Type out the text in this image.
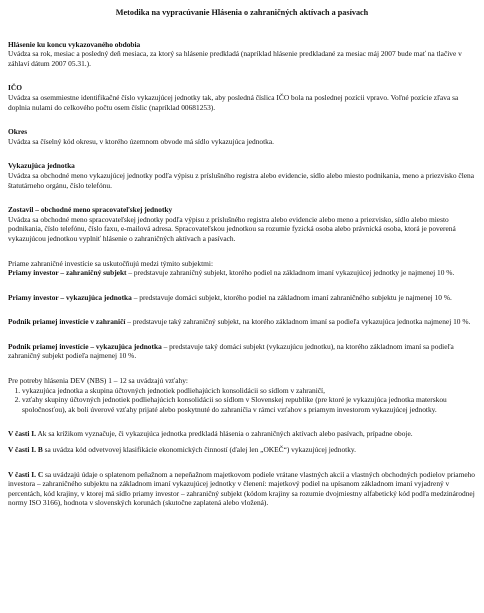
Metodika na vypracúvanie Hlásenia o zahraničných aktívach a pasívach
Hlásenie ku koncu vykazovaného obdobia

Uvádza sa rok, mesiac a posledný deň mesiaca, za ktorý sa hlásenie predkladá (napríklad hlásenie predkladané za mesiac máj 2007 bude mať na tlačive v záhlaví dátum 2007 05.31.).

IČO

Uvádza sa osemmiestne identifikačné číslo vykazujúcej jednotky tak, aby posledná číslica IČO bola na poslednej pozícii vpravo. Voľné pozície zľava sa doplnia nulami do celkového počtu osem číslic (napríklad 00681253).

Okres

Uvádza sa číselný kód okresu, v ktorého územnom obvode má sídlo vykazujúca jednotka.

Vykazujúca jednotka

Uvádza sa obchodné meno vykazujúcej jednotky podľa výpisu z príslušného registra alebo evidencie, sídlo alebo miesto podnikania, meno a priezvisko člena štatutárneho orgánu, číslo telefónu.

Zostavil – obchodné meno spracovateľskej jednotky

Uvádza sa obchodné meno spracovateľskej jednotky podľa výpisu z príslušného registra alebo evidencie alebo meno a priezvisko, sídlo alebo miesto podnikania, číslo telefónu, číslo faxu, e-mailová adresa. Spracovateľskou jednotkou sa rozumie fyzická osoba alebo právnická osoba, ktorá je poverená vykazujúcou jednotkou vyplniť hlásenie o zahraničných aktívach a pasívach.

Priame zahraničné investície sa uskutočňujú medzi týmito subjektmi:

Priamy investor – zahraničný subjekt – predstavuje zahraničný subjekt, ktorého podiel na základnom imaní vykazujúcej jednotky je najmenej 10 %.

Priamy investor – vykazujúca jednotka – predstavuje domáci subjekt, ktorého podiel na základnom imaní zahraničného subjektu je najmenej 10 %.

Podnik priamej investície v zahraničí – predstavuje taký zahraničný subjekt, na ktorého základnom imaní sa podieľa vykazujúca jednotka najmenej 10 %.

Podnik priamej investície – vykazujúca jednotka – predstavuje taký domáci subjekt (vykazujúcu jednotku), na ktorého základnom imaní sa podieľa zahraničný subjekt podieľa najmenej 10 %.

Pre potreby hlásenia DEV (NBS) 1 – 12 sa uvádzajú vzťahy:

1. vykazujúca jednotka a skupina účtovných jednotiek podliehajúcich konsolidácii so sídlom v zahraničí,
2. vzťahy skupiny účtovných jednotiek podliehajúcich konsolidácii so sídlom v Slovenskej republike (pre ktoré je vykazujúca jednotka materskou spoločnosťou), ak boli úverové vzťahy prijaté alebo poskytnuté do zahraničia v rámci vzťahov s priamym investorom vykazujúcej jednotky.

V časti I. Ak sa krížikom vyznačuje, či vykazujúca jednotka predkladá hlásenia o zahraničných aktívach alebo pasívach, prípadne oboje.

V časti I. B sa uvádza kód odvetvovej klasifikácie ekonomických činností (ďalej len „OKEČ“) vykazujúcej jednotky.

V časti I. C sa uvádzajú údaje o splatenom peňažnom a nepeňažnom majetkovom podiele vrátane vlastných akcií a vlastných obchodných podielov priameho investora – zahraničného subjektu na základnom imaní vykazujúcej jednotky v členení: majetkový podiel na upísanom základnom imaní vyjadrený v percentách, kód krajiny, v ktorej má sídlo priamy investor – zahraničný subjekt (kódom krajiny sa rozumie dvojmiestny alfabetický kód podľa medzinárodnej normy ISO 3166), hodnota v slovenských korunách (skutočne zaplatená alebo vložená).
